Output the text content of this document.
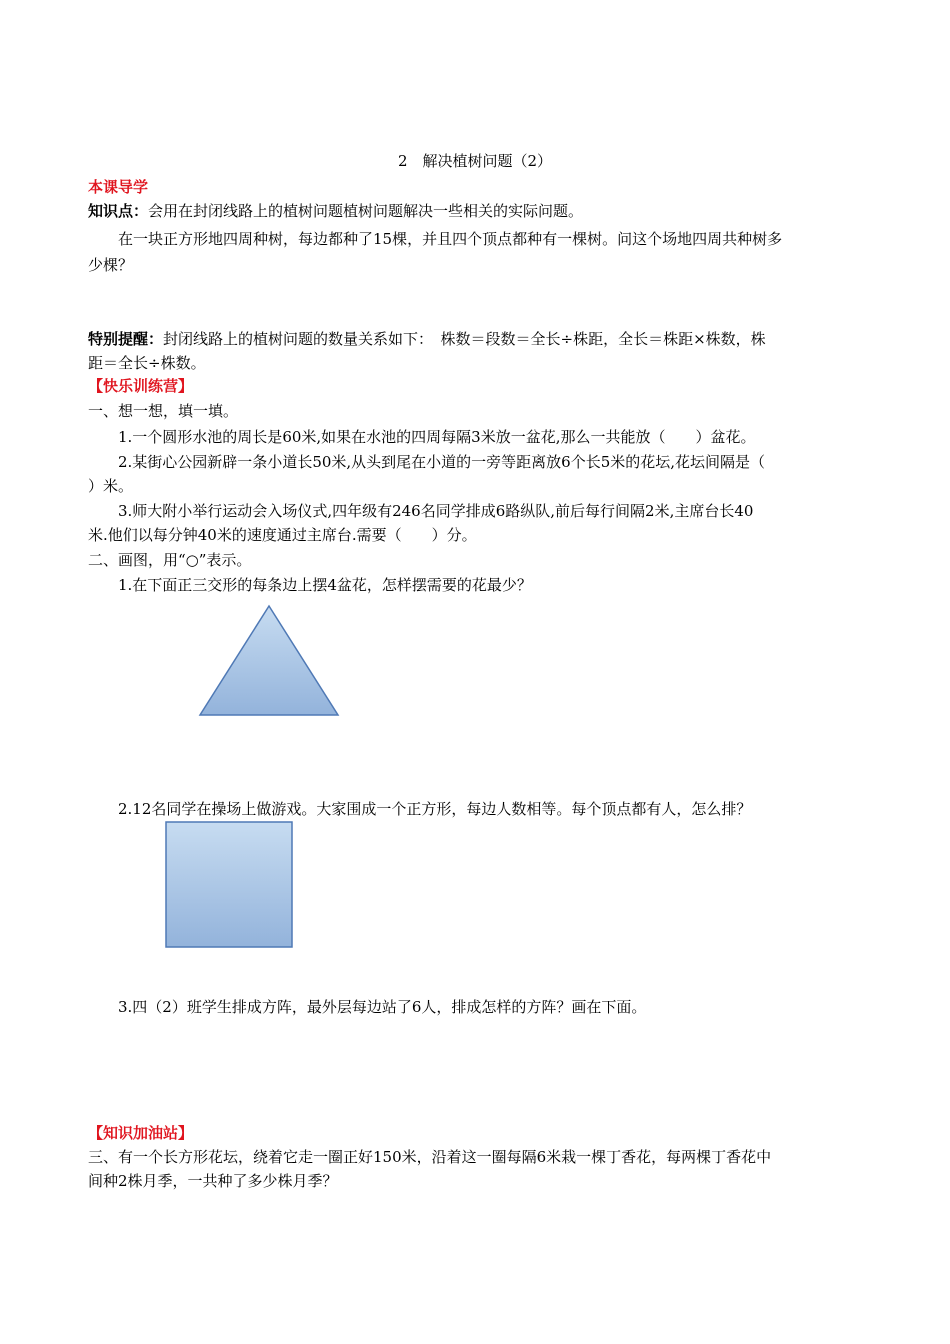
2　解决植树问题（2）
本课导学
知识点：会用在封闭线路上的植树问题植树问题解决一些相关的实际问题。
在一块正方形地四周种树，每边都种了15棵，并且四个顶点都种有一棵树。问这个场地四周共种树多
少棵？
特别提醒：封闭线路上的植树问题的数量关系如下：　株数＝段数＝全长÷株距，全长＝株距×株数，株
距＝全长÷株数。
【快乐训练营】
一、想一想，填一填。
1.一个圆形水池的周长是60米,如果在水池的四周每隔3米放一盆花,那么一共能放（　　）盆花。
2.某街心公园新辟一条小道长50米,从头到尾在小道的一旁等距离放6个长5米的花坛,花坛间隔是（
）米。
3.师大附小举行运动会入场仪式,四年级有246名同学排成6路纵队,前后每行间隔2米,主席台长40
米.他们以每分钟40米的速度通过主席台.需要（　　）分。
二、画图，用“○”表示。
1.在下面正三交形的每条边上摆4盆花，怎样摆需要的花最少？
2.12名同学在操场上做游戏。大家围成一个正方形，每边人数相等。每个顶点都有人，怎么排？
3.四（2）班学生排成方阵，最外层每边站了6人，排成怎样的方阵？画在下面。
【知识加油站】
三、有一个长方形花坛，绕着它走一圈正好150米，沿着这一圈每隔6米栽一棵丁香花，每两棵丁香花中
间种2株月季，一共种了多少株月季？
